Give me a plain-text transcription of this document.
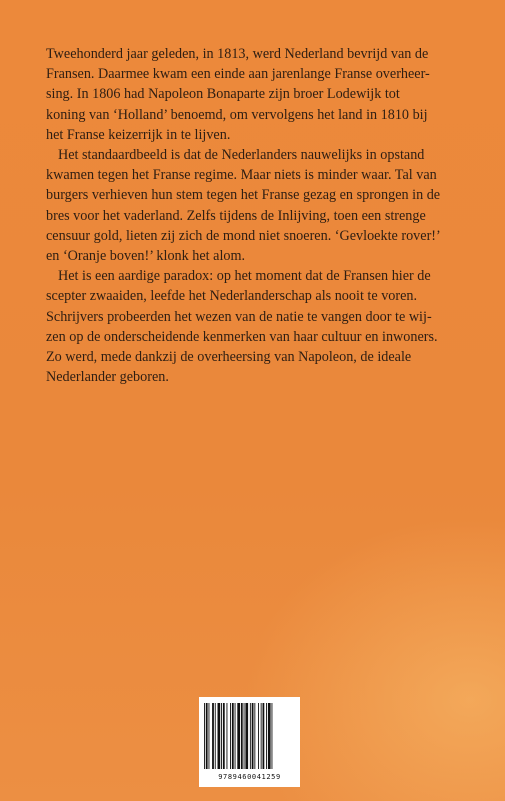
Tweehonderd jaar geleden, in 1813, werd Nederland bevrijd van de
Fransen. Daarmee kwam een einde aan jarenlange Franse overheer-
sing. In 1806 had Napoleon Bonaparte zijn broer Lodewijk tot
koning van ‘Holland’ benoemd, om vervolgens het land in 1810 bij
het Franse keizerrijk in te lijven.

Het standaardbeeld is dat de Nederlanders nauwelijks in opstand
kwamen tegen het Franse regime. Maar niets is minder waar. Tal van
burgers verhieven hun stem tegen het Franse gezag en sprongen in de
bres voor het vaderland. Zelfs tijdens de Inlijving, toen een strenge
censuur gold, lieten zij zich de mond niet snoeren. ‘Gevloekte rover!’
en ‘Oranje boven!’ klonk het alom.

Het is een aardige paradox: op het moment dat de Fransen hier de
scepter zwaaiden, leefde het Nederlanderschap als nooit te voren.
Schrijvers probeerden het wezen van de natie te vangen door te wij-
zen op de onderscheidende kenmerken van haar cultuur en inwoners.
Zo werd, mede dankzij de overheersing van Napoleon, de ideale
Nederlander geboren.

9789460041259
